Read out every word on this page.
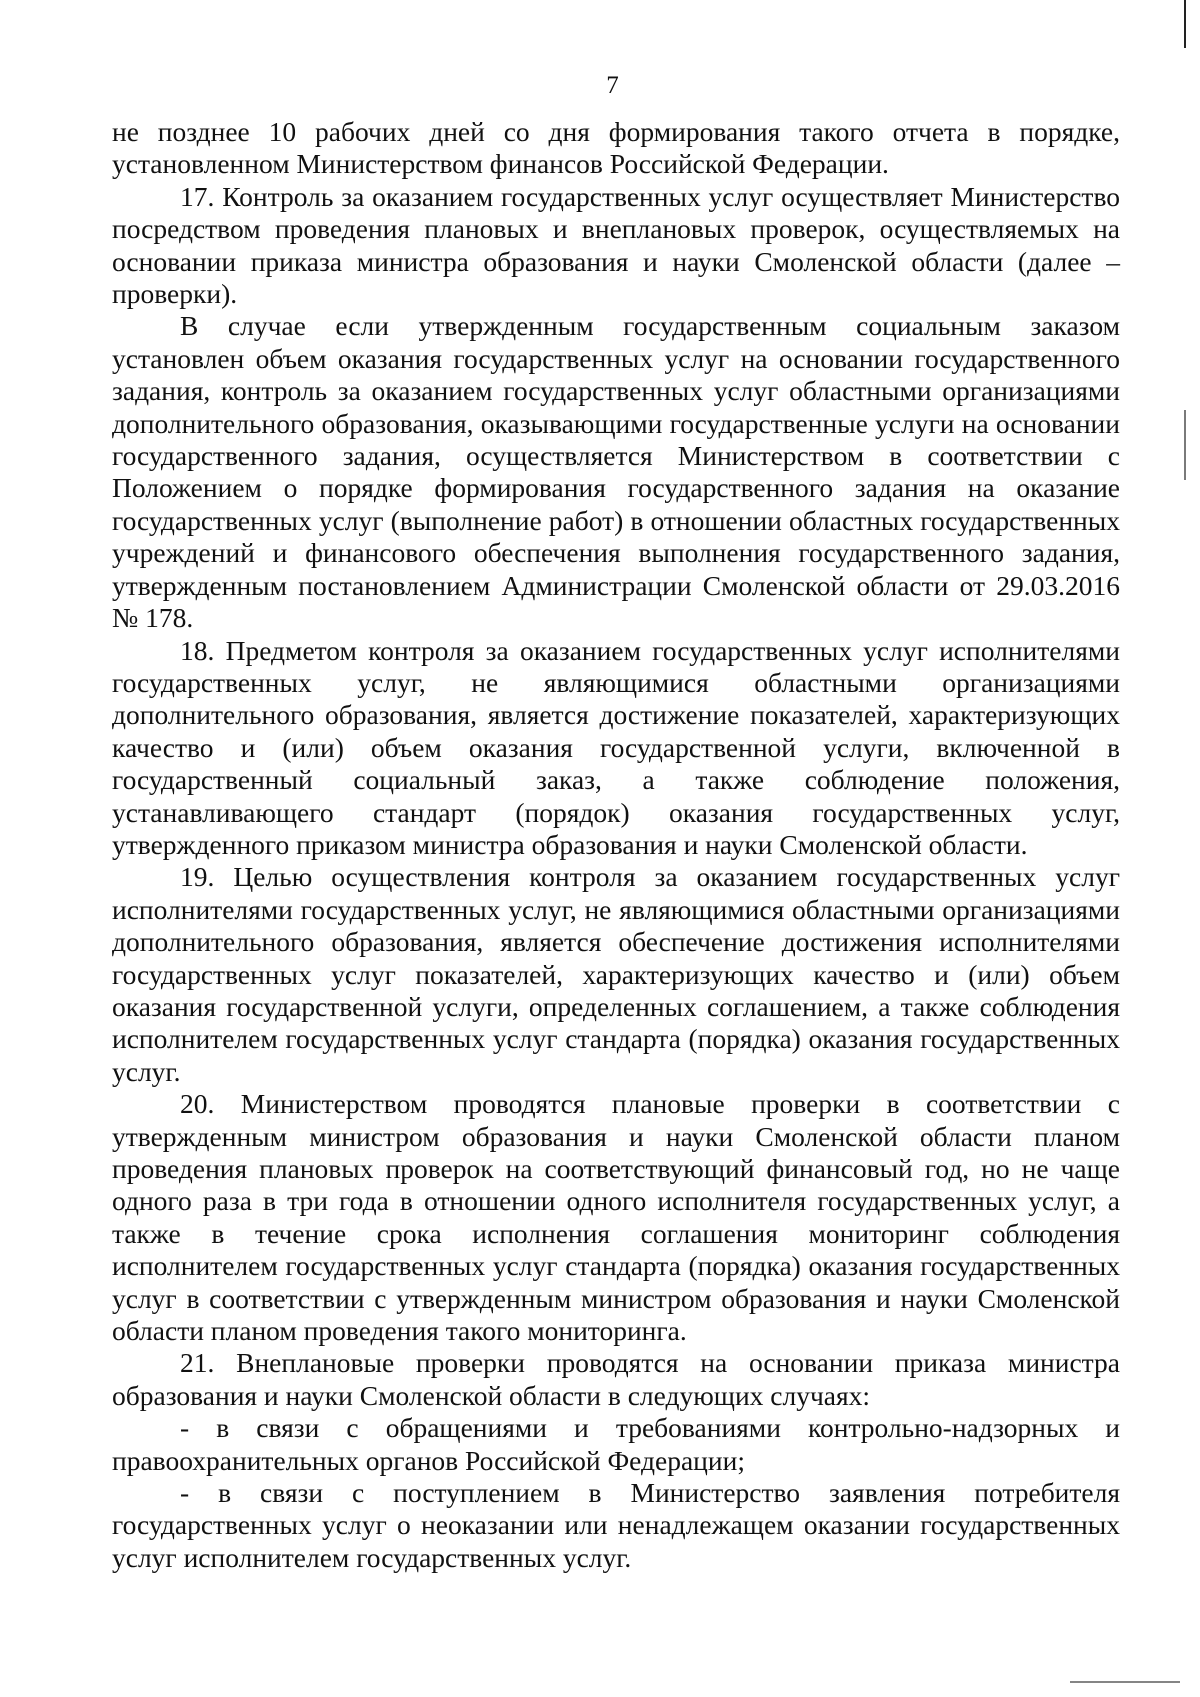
7

не позднее 10 рабочих дней со дня формирования такого отчета в порядке, установленном Министерством финансов Российской Федерации.

17. Контроль за оказанием государственных услуг осуществляет Министерство посредством проведения плановых и внеплановых проверок, осуществляемых на основании приказа министра образования и науки Смоленской области (далее – проверки).

В случае если утвержденным государственным социальным заказом установлен объем оказания государственных услуг на основании государственного задания, контроль за оказанием государственных услуг областными организациями дополнительного образования, оказывающими государственные услуги на основании государственного задания, осуществляется Министерством в соответствии с Положением о порядке формирования государственного задания на оказание государственных услуг (выполнение работ) в отношении областных государственных учреждений и финансового обеспечения выполнения государственного задания, утвержденным постановлением Администрации Смоленской области от 29.03.2016 № 178.

18. Предметом контроля за оказанием государственных услуг исполнителями государственных услуг, не являющимися областными организациями дополнительного образования, является достижение показателей, характеризующих качество и (или) объем оказания государственной услуги, включенной в государственный социальный заказ, а также соблюдение положения, устанавливающего стандарт (порядок) оказания государственных услуг, утвержденного приказом министра образования и науки Смоленской области.

19. Целью осуществления контроля за оказанием государственных услуг исполнителями государственных услуг, не являющимися областными организациями дополнительного образования, является обеспечение достижения исполнителями государственных услуг показателей, характеризующих качество и (или) объем оказания государственной услуги, определенных соглашением, а также соблюдения исполнителем государственных услуг стандарта (порядка) оказания государственных услуг.

20. Министерством проводятся плановые проверки в соответствии с утвержденным министром образования и науки Смоленской области планом проведения плановых проверок на соответствующий финансовый год, но не чаще одного раза в три года в отношении одного исполнителя государственных услуг, а также в течение срока исполнения соглашения мониторинг соблюдения исполнителем государственных услуг стандарта (порядка) оказания государственных услуг в соответствии с утвержденным министром образования и науки Смоленской области планом проведения такого мониторинга.

21. Внеплановые проверки проводятся на основании приказа министра образования и науки Смоленской области в следующих случаях:

- в связи с обращениями и требованиями контрольно-надзорных и правоохранительных органов Российской Федерации;

- в связи с поступлением в Министерство заявления потребителя государственных услуг о неоказании или ненадлежащем оказании государственных услуг исполнителем государственных услуг.
